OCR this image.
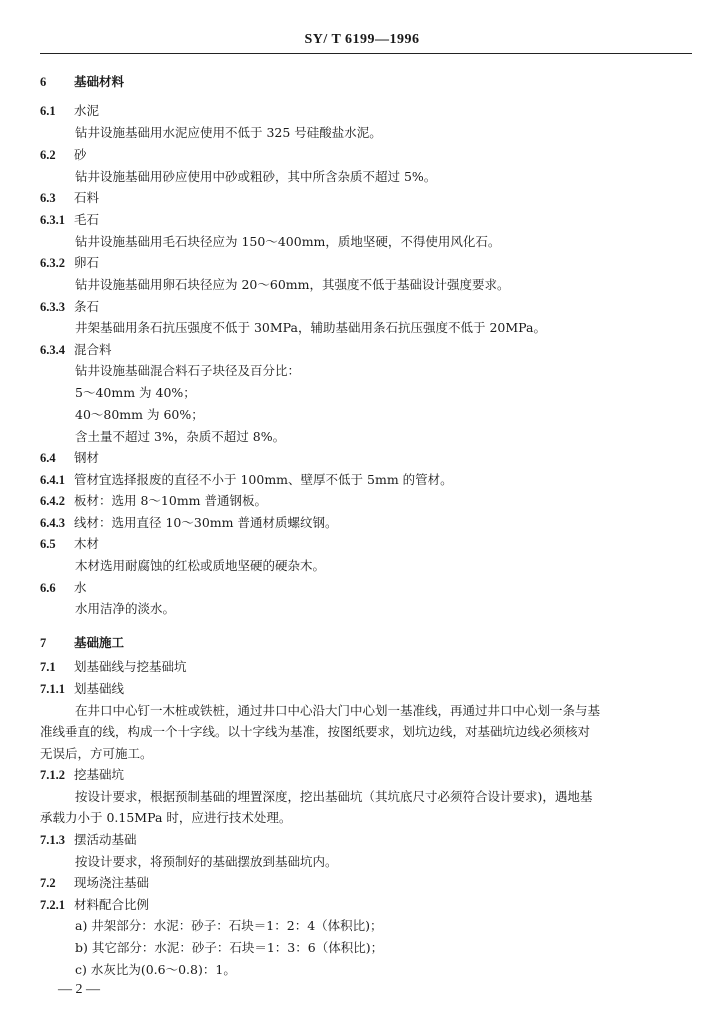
SY/ T 6199—1996
6 基础材料
6.1 水泥
钻井设施基础用水泥应使用不低于 325 号硅酸盐水泥。
6.2 砂
钻井设施基础用砂应使用中砂或粗砂，其中所含杂质不超过 5%。
6.3 石料
6.3.1 毛石
钻井设施基础用毛石块径应为 150～400mm，质地坚硬，不得使用风化石。
6.3.2 卵石
钻井设施基础用卵石块径应为 20～60mm，其强度不低于基础设计强度要求。
6.3.3 条石
井架基础用条石抗压强度不低于 30MPa，辅助基础用条石抗压强度不低于 20MPa。
6.3.4 混合料
钻井设施基础混合料石子块径及百分比：
5～40mm 为 40%；
40～80mm 为 60%；
含土量不超过 3%，杂质不超过 8%。
6.4 钢材
6.4.1 管材宜选择报废的直径不小于 100mm、壁厚不低于 5mm 的管材。
6.4.2 板材：选用 8～10mm 普通钢板。
6.4.3 线材：选用直径 10～30mm 普通材质螺纹钢。
6.5 木材
木材选用耐腐蚀的红松或质地坚硬的硬杂木。
6.6 水
水用洁净的淡水。
7 基础施工
7.1 划基础线与挖基础坑
7.1.1 划基础线
在井口中心钉一木桩或铁桩，通过井口中心沿大门中心划一基准线，再通过井口中心划一条与基
准线垂直的线，构成一个十字线。以十字线为基准，按图纸要求，划坑边线，对基础坑边线必须核对
无误后，方可施工。
7.1.2 挖基础坑
按设计要求，根据预制基础的埋置深度，挖出基础坑（其坑底尺寸必须符合设计要求)，遇地基
承载力小于 0.15MPa 时，应进行技术处理。
7.1.3 摆活动基础
按设计要求，将预制好的基础摆放到基础坑内。
7.2 现场浇注基础
7.2.1 材料配合比例
a) 井架部分：水泥：砂子：石块＝1：2：4（体积比)；
b) 其它部分：水泥：砂子：石块＝1：3：6（体积比)；
c) 水灰比为(0.6～0.8)：1。
— 2 —
